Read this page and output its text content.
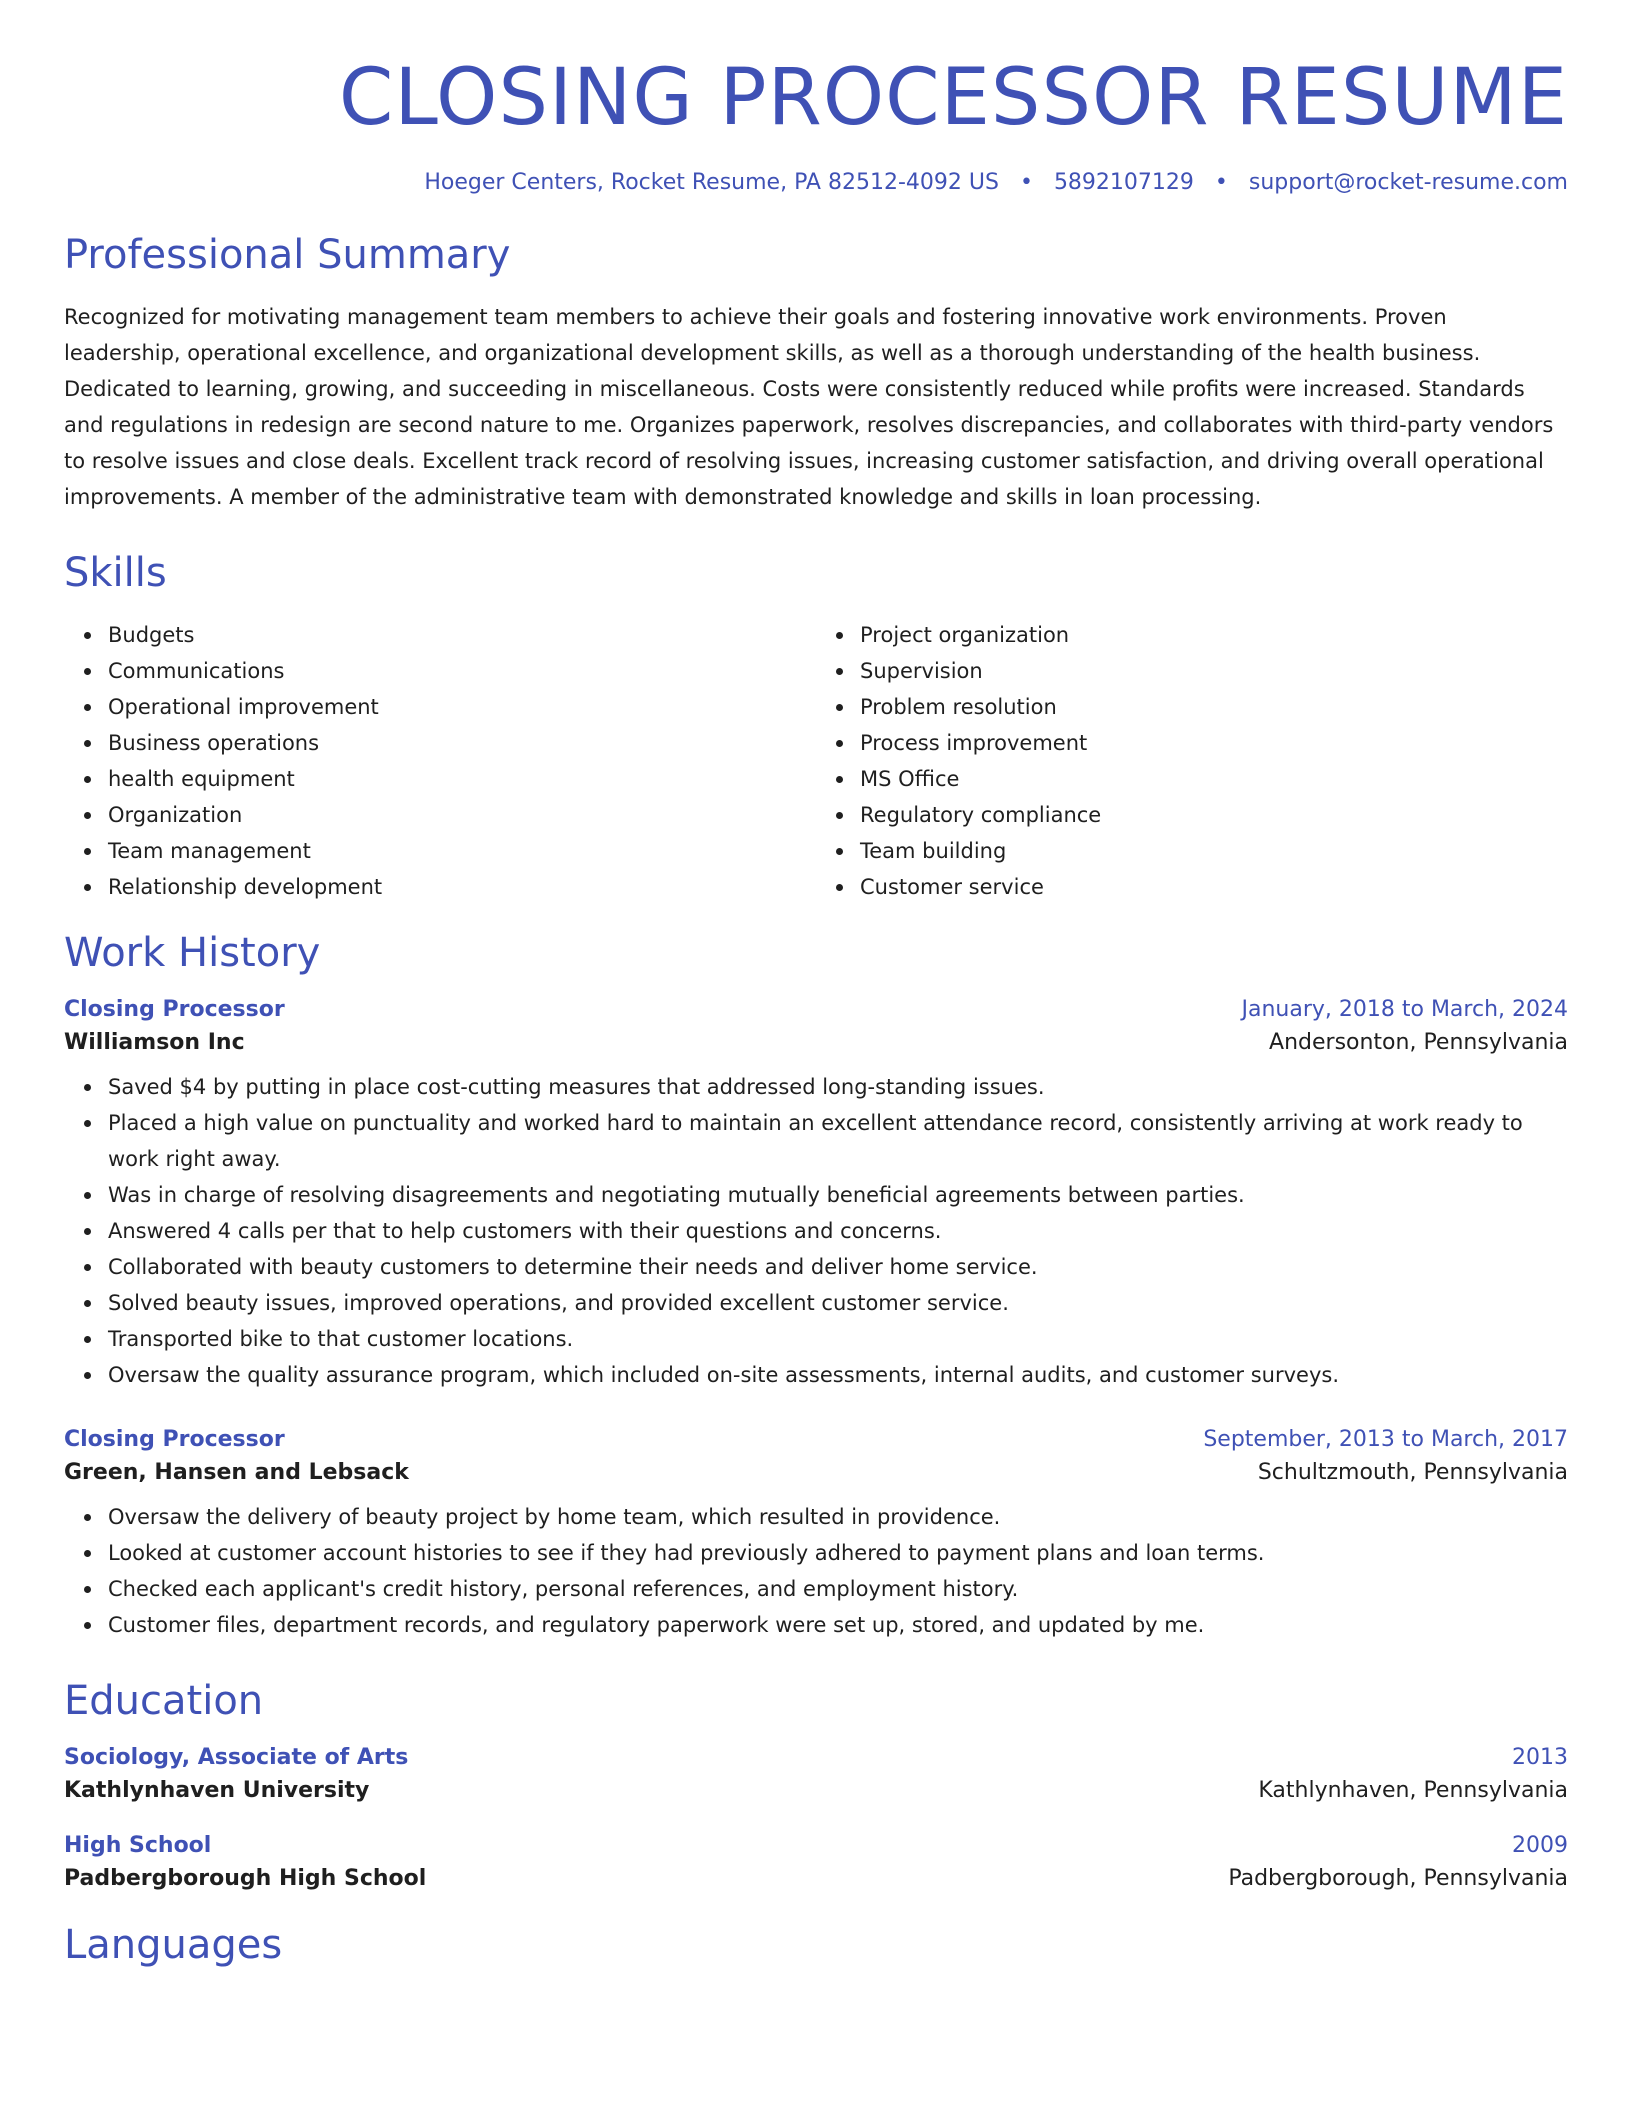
CLOSING PROCESSOR RESUME
Hoeger Centers, Rocket Resume, PA 82512-4092 US • 5892107129 • support@rocket-resume.com
Professional Summary

Recognized for motivating management team members to achieve their goals and fostering innovative work environments. Proven leadership, operational excellence, and organizational development skills, as well as a thorough understanding of the health business. Dedicated to learning, growing, and succeeding in miscellaneous. Costs were consistently reduced while profits were increased. Standards and regulations in redesign are second nature to me. Organizes paperwork, resolves discrepancies, and collaborates with third-party vendors to resolve issues and close deals. Excellent track record of resolving issues, increasing customer satisfaction, and driving overall operational improvements. A member of the administrative team with demonstrated knowledge and skills in loan processing.

Skills
Budgets
Communications
Operational improvement
Business operations
health equipment
Organization
Team management
Relationship development
Project organization
Supervision
Problem resolution
Process improvement
MS Office
Regulatory compliance
Team building
Customer service
Work History
Closing Processor	January, 2018 to March, 2024
Williamson Inc	Andersonton, Pennsylvania
Saved $4 by putting in place cost-cutting measures that addressed long-standing issues.
Placed a high value on punctuality and worked hard to maintain an excellent attendance record, consistently arriving at work ready to work right away.
Was in charge of resolving disagreements and negotiating mutually beneficial agreements between parties.
Answered 4 calls per that to help customers with their questions and concerns.
Collaborated with beauty customers to determine their needs and deliver home service.
Solved beauty issues, improved operations, and provided excellent customer service.
Transported bike to that customer locations.
Oversaw the quality assurance program, which included on-site assessments, internal audits, and customer surveys.
Closing Processor	September, 2013 to March, 2017
Green, Hansen and Lebsack	Schultzmouth, Pennsylvania
Oversaw the delivery of beauty project by home team, which resulted in providence.
Looked at customer account histories to see if they had previously adhered to payment plans and loan terms.
Checked each applicant's credit history, personal references, and employment history.
Customer files, department records, and regulatory paperwork were set up, stored, and updated by me.
Education
Sociology, Associate of Arts	2013
Kathlynhaven University	Kathlynhaven, Pennsylvania
High School	2009
Padbergborough High School	Padbergborough, Pennsylvania
Languages
